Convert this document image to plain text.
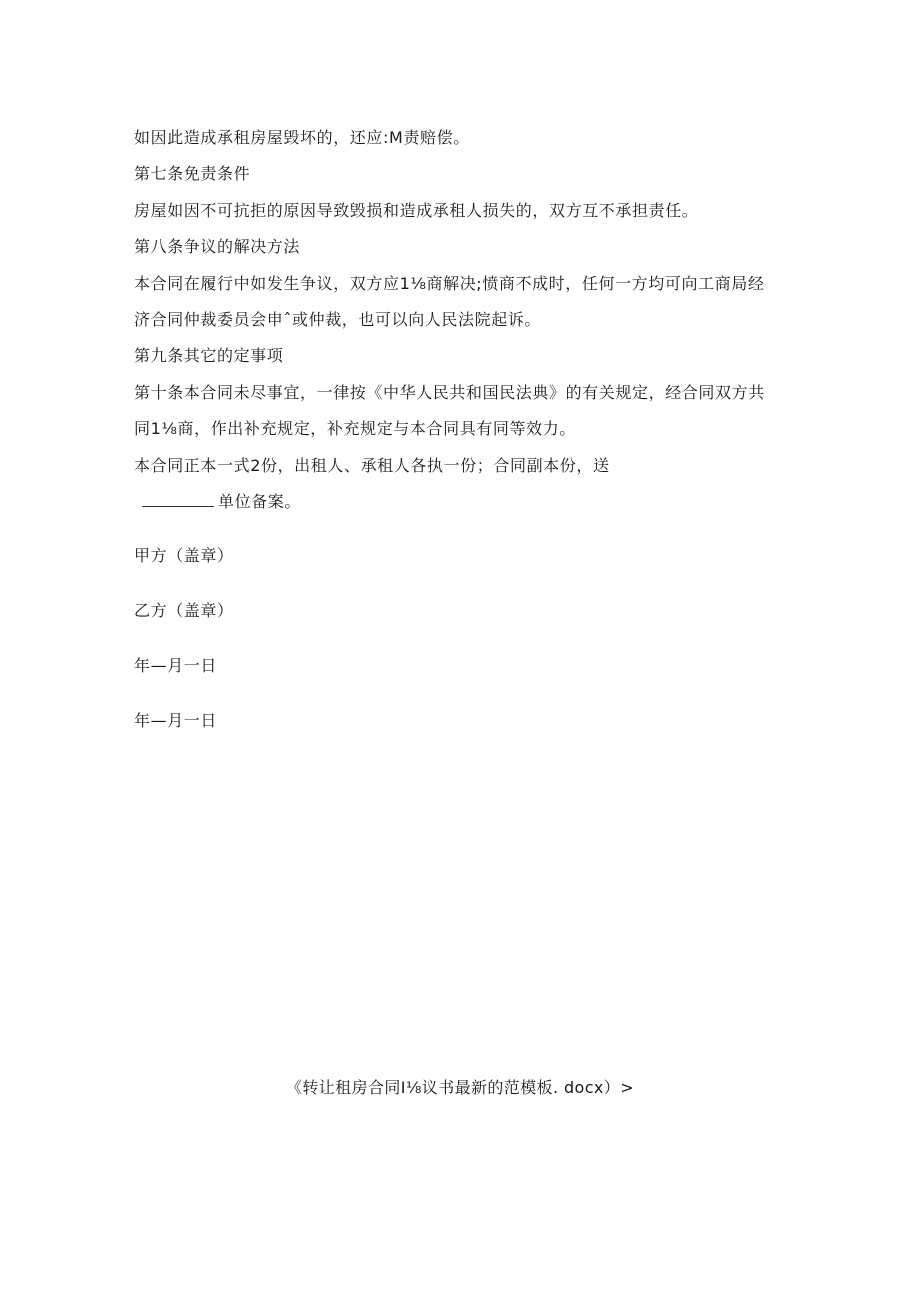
如因此造成承租房屋毁坏的，还应:M责赔偿。
第七条免责条件
房屋如因不可抗拒的原因导致毁损和造成承租人损失的，双方互不承担责任。
第八条争议的解决方法
本合同在履行中如发生争议，双方应1⅛商解决;愤商不成时，任何一方均可向工商局经
济合同仲裁委员会申ˆ或仲裁，也可以向人民法院起诉。
第九条其它的定事项
第十条本合同未尽事宜，一律按《中华人民共和国民法典》的有关规定，经合同双方共
同1⅛商，作出补充规定，补充规定与本合同具有同等效力。
本合同正本一式2份，出租人、承租人各执一份；合同副本份，送
单位备案。
甲方（盖章）
乙方（盖章）
年—月一日
年—月一日
《转让租房合同I⅛议书最新的范模板. docx）>
